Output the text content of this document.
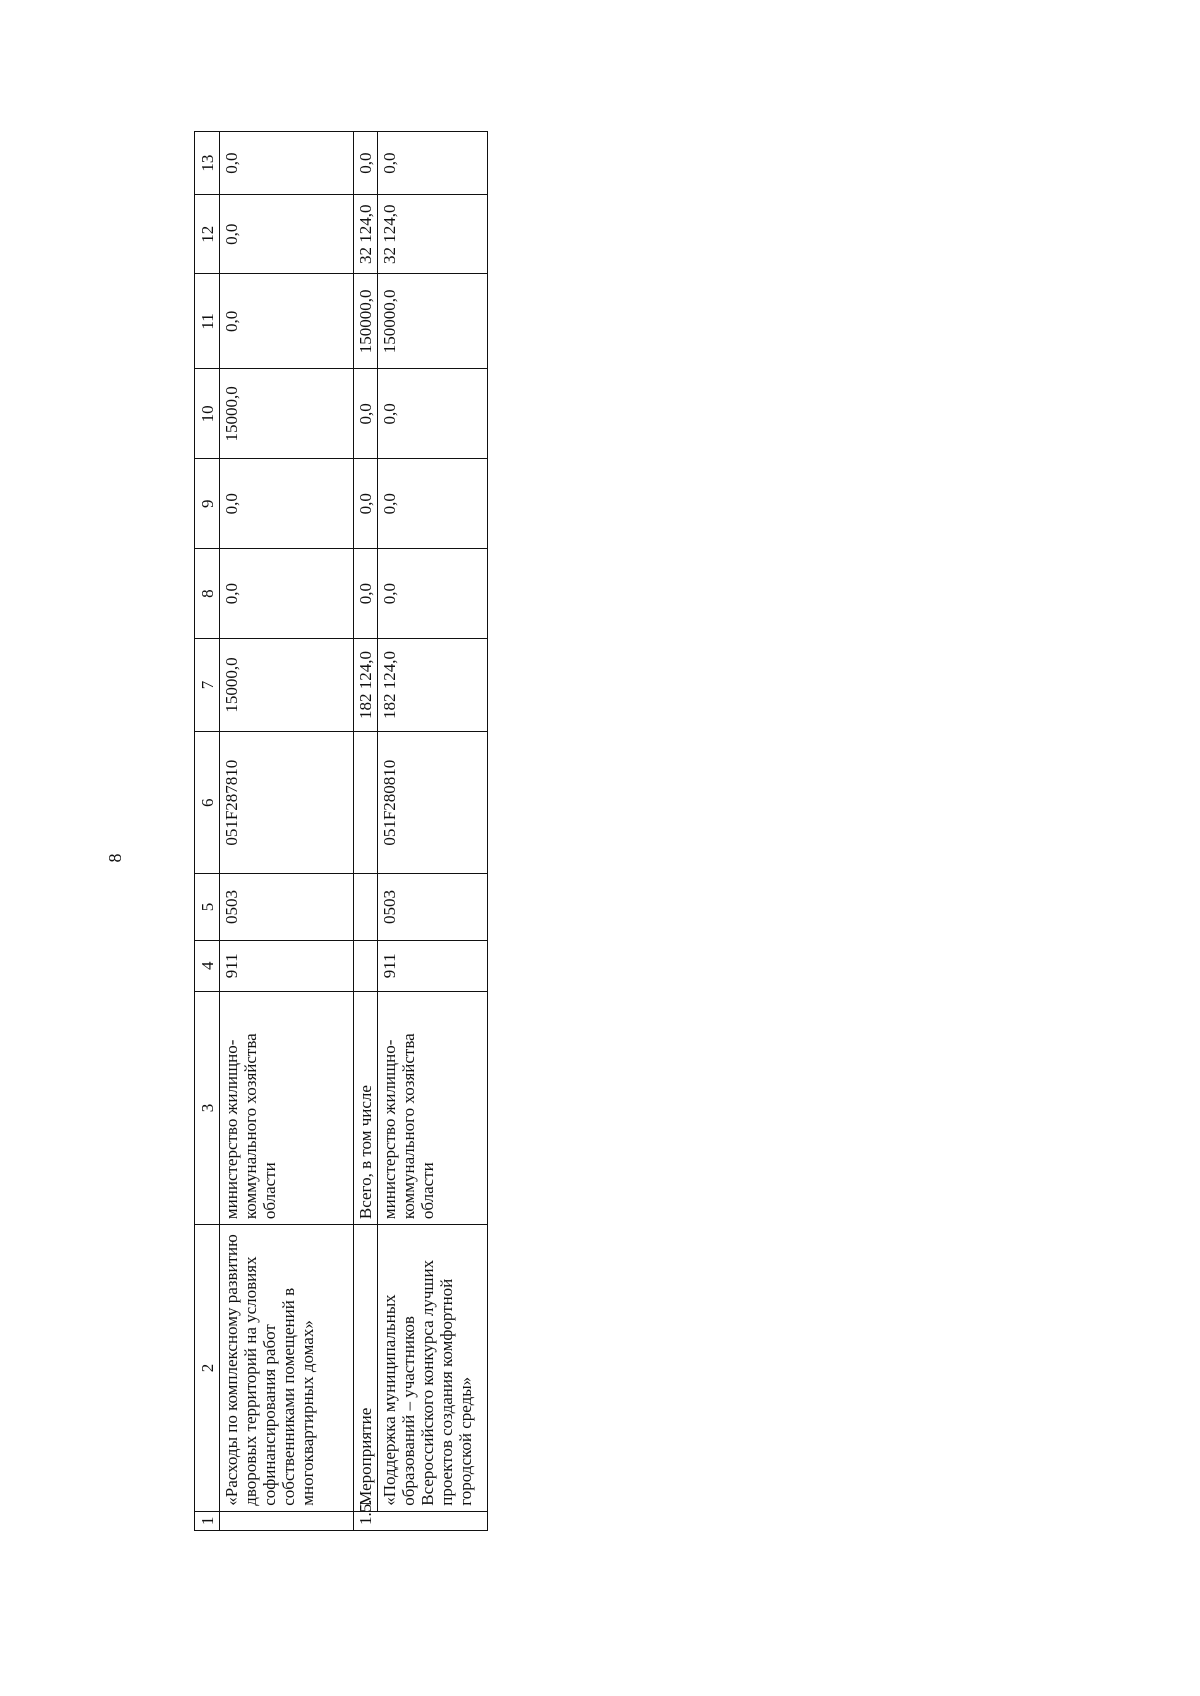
8
1	2	3	4	5	6	7	8	9	10	11	12	13
	«Расходы по комплексному развитию дворовых территорий на условиях софинансирования работ собственниками помещений в многоквартирных домах»	министерство жилищно-коммунального хозяйства области	911	0503	051F287810	15000,0	0,0	0,0	15000,0	0,0	0,0	0,0
1.5.	Мероприятие	Всего, в том числе				182 124,0	0,0	0,0	0,0	150000,0	32 124,0	0,0
	«Поддержка муниципальных образований – участников Всероссийского конкурса лучших проектов создания комфортной городской среды»	министерство жилищно-коммунального хозяйства области	911	0503	051F280810	182 124,0	0,0	0,0	0,0	150000,0	32 124,0	0,0
